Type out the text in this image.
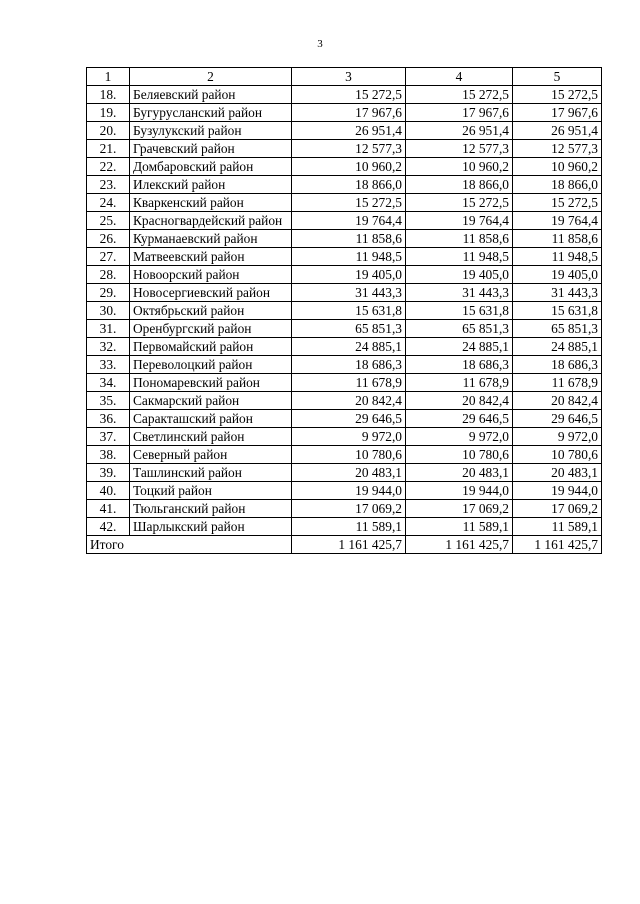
3
1	2	3	4	5
18.	Беляевский район	15 272,5	15 272,5	15 272,5
19.	Бугурусланский район	17 967,6	17 967,6	17 967,6
20.	Бузулукский район	26 951,4	26 951,4	26 951,4
21.	Грачевский район	12 577,3	12 577,3	12 577,3
22.	Домбаровский район	10 960,2	10 960,2	10 960,2
23.	Илекский район	18 866,0	18 866,0	18 866,0
24.	Кваркенский район	15 272,5	15 272,5	15 272,5
25.	Красногвардейский район	19 764,4	19 764,4	19 764,4
26.	Курманаевский район	11 858,6	11 858,6	11 858,6
27.	Матвеевский район	11 948,5	11 948,5	11 948,5
28.	Новоорский район	19 405,0	19 405,0	19 405,0
29.	Новосергиевский район	31 443,3	31 443,3	31 443,3
30.	Октябрьский район	15 631,8	15 631,8	15 631,8
31.	Оренбургский район	65 851,3	65 851,3	65 851,3
32.	Первомайский район	24 885,1	24 885,1	24 885,1
33.	Переволоцкий район	18 686,3	18 686,3	18 686,3
34.	Пономаревский район	11 678,9	11 678,9	11 678,9
35.	Сакмарский район	20 842,4	20 842,4	20 842,4
36.	Саракташский район	29 646,5	29 646,5	29 646,5
37.	Светлинский район	9 972,0	9 972,0	9 972,0
38.	Северный район	10 780,6	10 780,6	10 780,6
39.	Ташлинский район	20 483,1	20 483,1	20 483,1
40.	Тоцкий район	19 944,0	19 944,0	19 944,0
41.	Тюльганский район	17 069,2	17 069,2	17 069,2
42.	Шарлыкский район	11 589,1	11 589,1	11 589,1
Итого		1 161 425,7	1 161 425,7	1 161 425,7
